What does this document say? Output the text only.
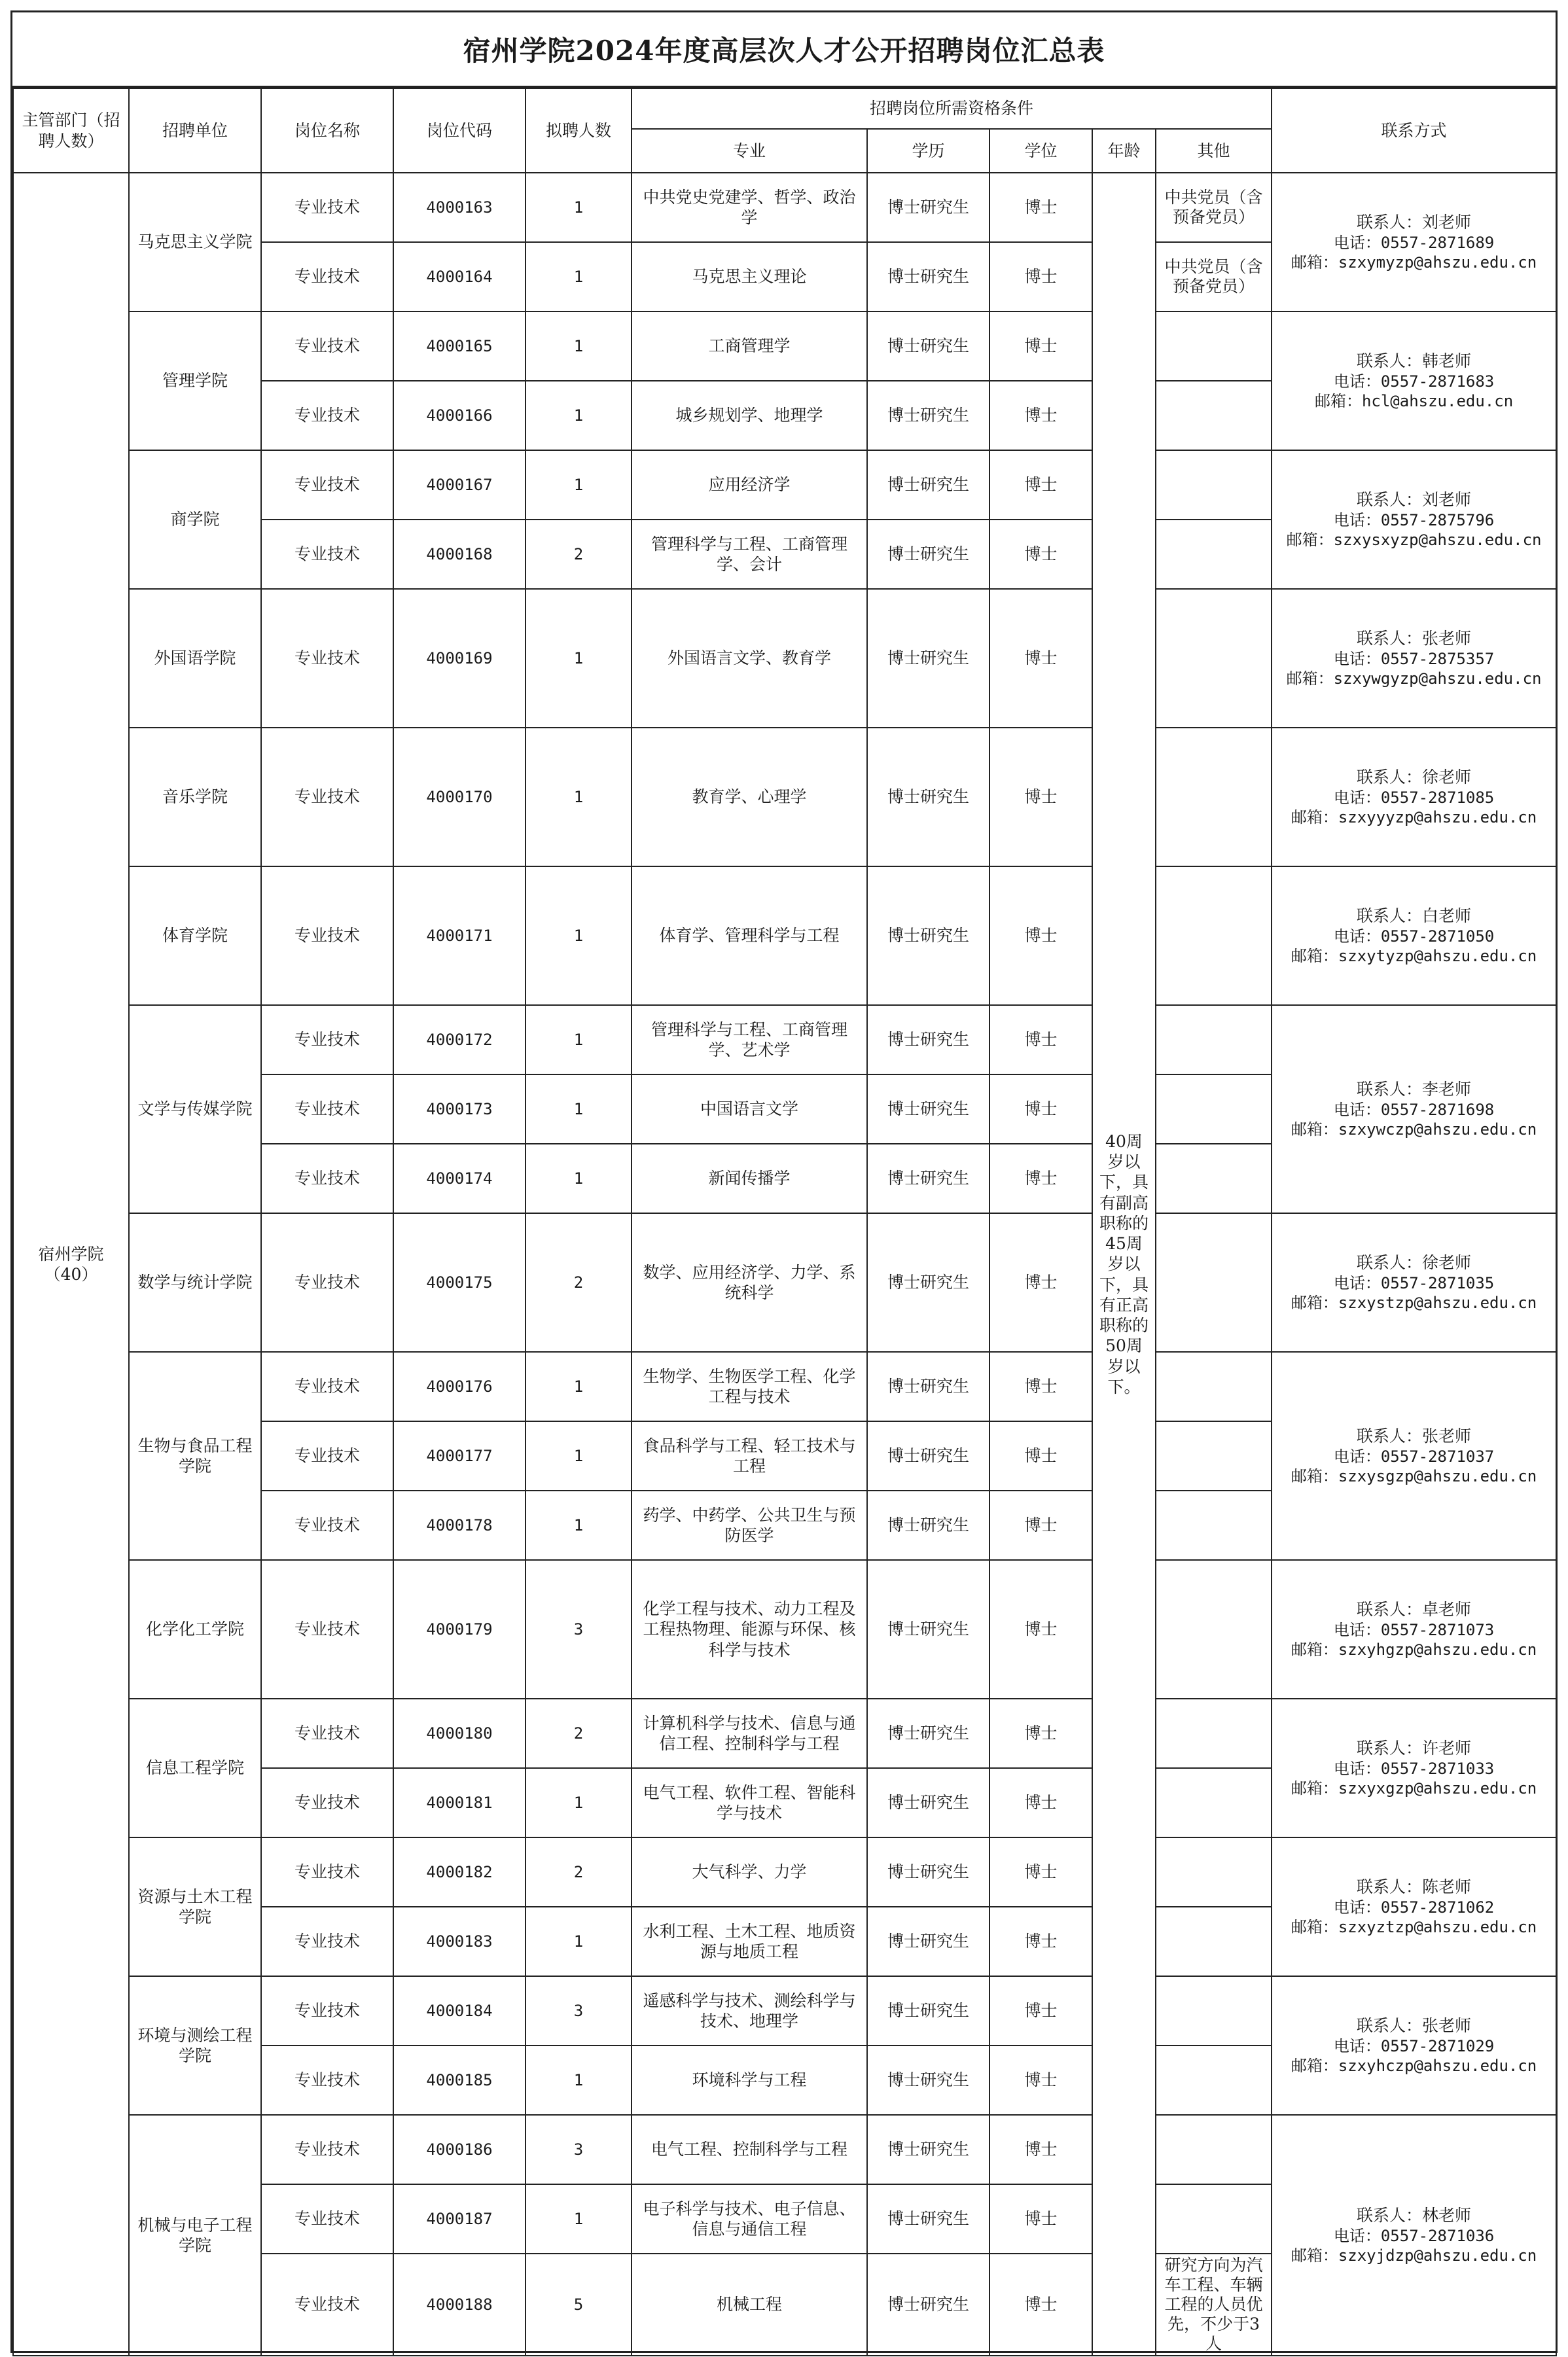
宿州学院2024年度高层次人才公开招聘岗位汇总表
主管部门（招聘人数）	招聘单位	岗位名称	岗位代码	拟聘人数	招聘岗位所需资格条件					联系方式
					专业	学历	学位	年龄	其他	
宿州学院（40）	马克思主义学院	专业技术	4000163	1	中共党史党建学、哲学、政治学	博士研究生	博士	40周岁以下，具有副高职称的45周岁以下，具有正高职称的50周岁以下。	中共党员（含预备党员）	联系人：刘老师
电话：0557-2871689
邮箱：szxymyzp@ahszu.edu.cn

		专业技术	4000164	1	马克思主义理论	博士研究生	博士		中共党员（含预备党员）	
	管理学院	专业技术	4000165	1	工商管理学	博士研究生	博士			联系人：韩老师
电话：0557-2871683
邮箱：hcl@ahszu.edu.cn

		专业技术	4000166	1	城乡规划学、地理学	博士研究生	博士			
	商学院	专业技术	4000167	1	应用经济学	博士研究生	博士			联系人：刘老师
电话：0557-2875796
邮箱：szxysxyzp@ahszu.edu.cn

		专业技术	4000168	2	管理科学与工程、工商管理学、会计	博士研究生	博士			
	外国语学院	专业技术	4000169	1	外国语言文学、教育学	博士研究生	博士			联系人：张老师
电话：0557-2875357
邮箱：szxywgyzp@ahszu.edu.cn

	音乐学院	专业技术	4000170	1	教育学、心理学	博士研究生	博士			联系人：徐老师
电话：0557-2871085
邮箱：szxyyyzp@ahszu.edu.cn

	体育学院	专业技术	4000171	1	体育学、管理科学与工程	博士研究生	博士			联系人：白老师
电话：0557-2871050
邮箱：szxytyzp@ahszu.edu.cn

	文学与传媒学院	专业技术	4000172	1	管理科学与工程、工商管理学、艺术学	博士研究生	博士			联系人：李老师
电话：0557-2871698
邮箱：szxywczp@ahszu.edu.cn

		专业技术	4000173	1	中国语言文学	博士研究生	博士			
		专业技术	4000174	1	新闻传播学	博士研究生	博士			
	数学与统计学院	专业技术	4000175	2	数学、应用经济学、力学、系统科学	博士研究生	博士			联系人：徐老师
电话：0557-2871035
邮箱：szxystzp@ahszu.edu.cn

	生物与食品工程学院	专业技术	4000176	1	生物学、生物医学工程、化学工程与技术	博士研究生	博士			联系人：张老师
电话：0557-2871037
邮箱：szxysgzp@ahszu.edu.cn

		专业技术	4000177	1	食品科学与工程、轻工技术与工程	博士研究生	博士			
		专业技术	4000178	1	药学、中药学、公共卫生与预防医学	博士研究生	博士			
	化学化工学院	专业技术	4000179	3	化学工程与技术、动力工程及工程热物理、能源与环保、核科学与技术	博士研究生	博士			联系人：卓老师
电话：0557-2871073
邮箱：szxyhgzp@ahszu.edu.cn

	信息工程学院	专业技术	4000180	2	计算机科学与技术、信息与通信工程、控制科学与工程	博士研究生	博士			联系人：许老师
电话：0557-2871033
邮箱：szxyxgzp@ahszu.edu.cn

		专业技术	4000181	1	电气工程、软件工程、智能科学与技术	博士研究生	博士			
	资源与土木工程学院	专业技术	4000182	2	大气科学、力学	博士研究生	博士			联系人：陈老师
电话：0557-2871062
邮箱：szxyztzp@ahszu.edu.cn

		专业技术	4000183	1	水利工程、土木工程、地质资源与地质工程	博士研究生	博士			
	环境与测绘工程学院	专业技术	4000184	3	遥感科学与技术、测绘科学与技术、地理学	博士研究生	博士			联系人：张老师
电话：0557-2871029
邮箱：szxyhczp@ahszu.edu.cn

		专业技术	4000185	1	环境科学与工程	博士研究生	博士			
	机械与电子工程学院	专业技术	4000186	3	电气工程、控制科学与工程	博士研究生	博士			联系人：林老师
电话：0557-2871036
邮箱：szxyjdzp@ahszu.edu.cn

		专业技术	4000187	1	电子科学与技术、电子信息、信息与通信工程	博士研究生	博士			
		专业技术	4000188	5	机械工程	博士研究生	博士		研究方向为汽车工程、车辆工程的人员优先，不少于3人	
